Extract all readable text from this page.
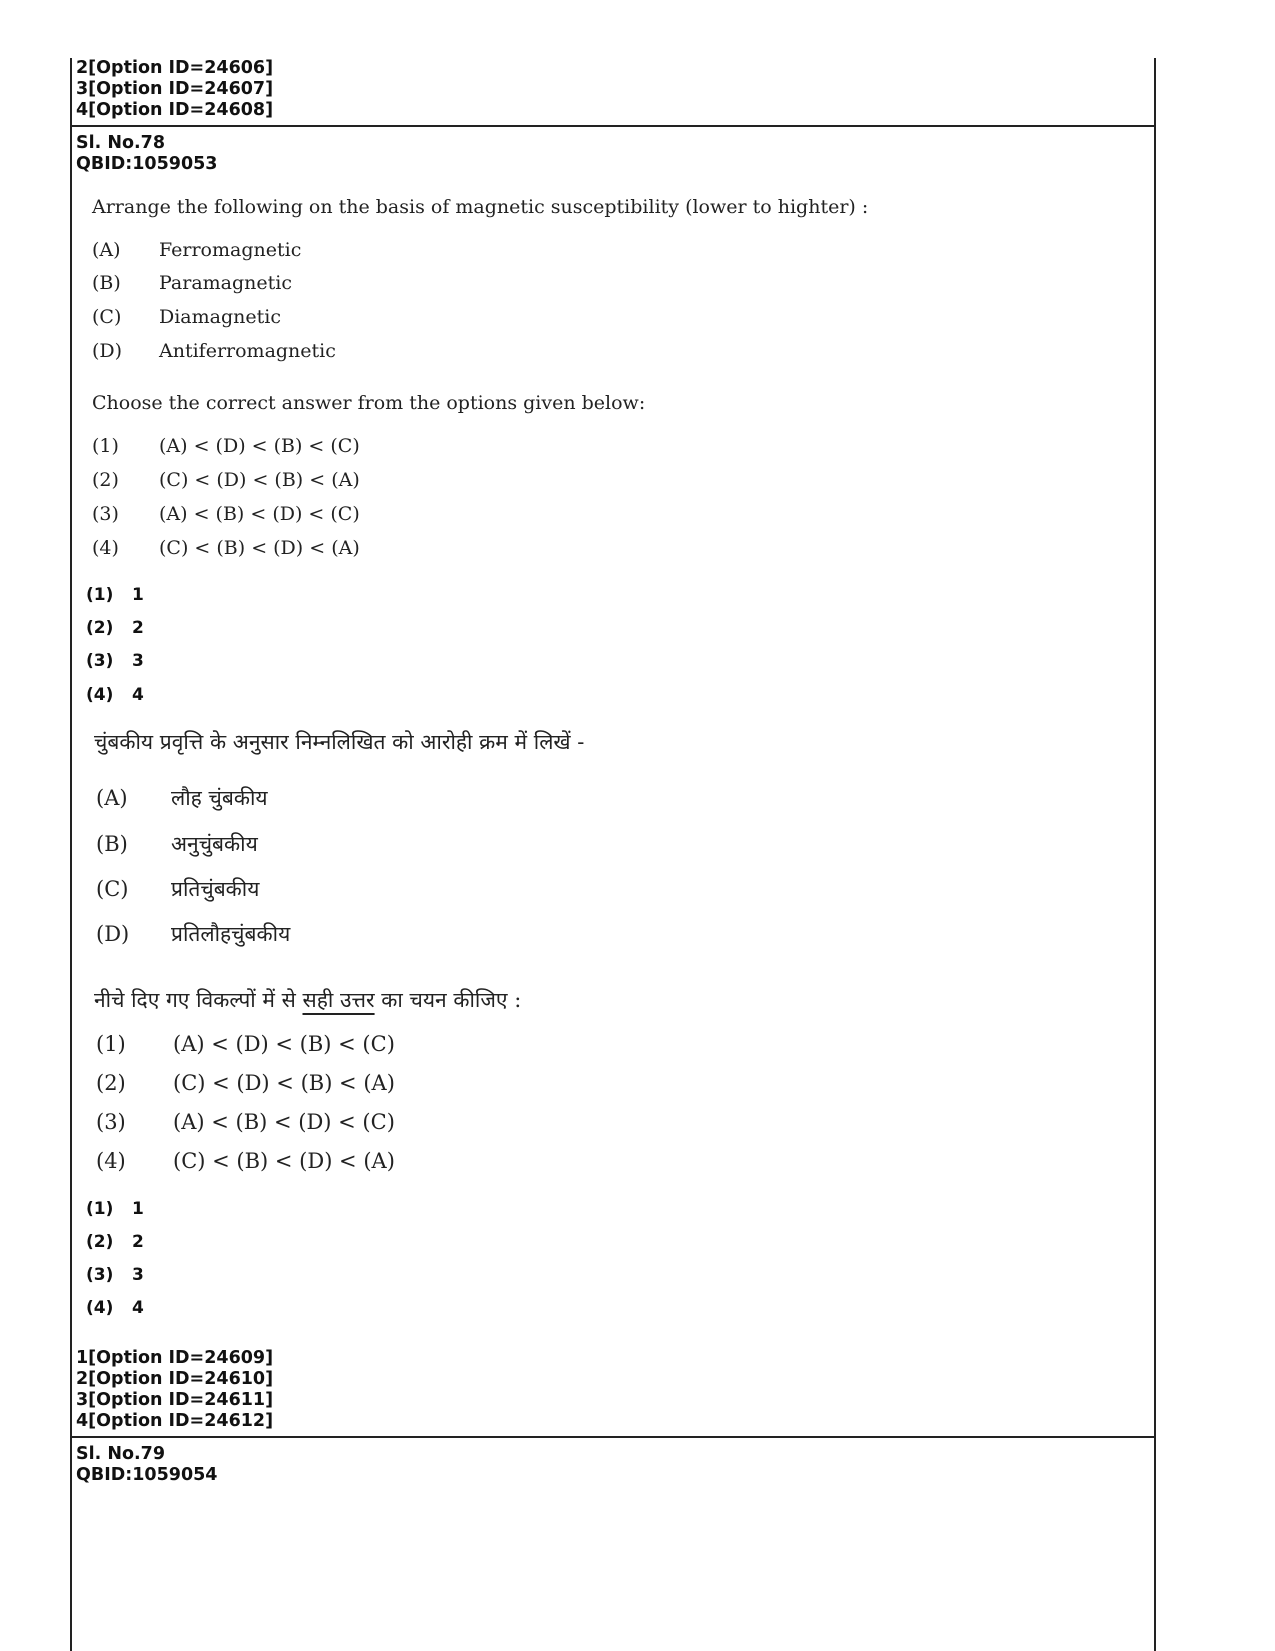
2[Option ID=24606]
3[Option ID=24607]
4[Option ID=24608]
Sl. No.78
QBID:1059053
Arrange the following on the basis of magnetic susceptibility (lower to highter) :
(A) Ferromagnetic
(B) Paramagnetic
(C) Diamagnetic
(D) Antiferromagnetic
Choose the correct answer from the options given below:
(1) (A) < (D) < (B) < (C)
(2) (C) < (D) < (B) < (A)
(3) (A) < (B) < (D) < (C)
(4) (C) < (B) < (D) < (A)
(1) 1
(2) 2
(3) 3
(4) 4
चुंबकीय प्रवृत्ति के अनुसार निम्नलिखित को आरोही क्रम में लिखें -
(A) लौह चुंबकीय
(B) अनुचुंबकीय
(C) प्रतिचुंबकीय
(D) प्रतिलौहचुंबकीय
नीचे दिए गए विकल्पों में से सही उत्तर का चयन कीजिए :
(1) (A) < (D) < (B) < (C)
(2) (C) < (D) < (B) < (A)
(3) (A) < (B) < (D) < (C)
(4) (C) < (B) < (D) < (A)
(1) 1
(2) 2
(3) 3
(4) 4
1[Option ID=24609]
2[Option ID=24610]
3[Option ID=24611]
4[Option ID=24612]
Sl. No.79
QBID:1059054
